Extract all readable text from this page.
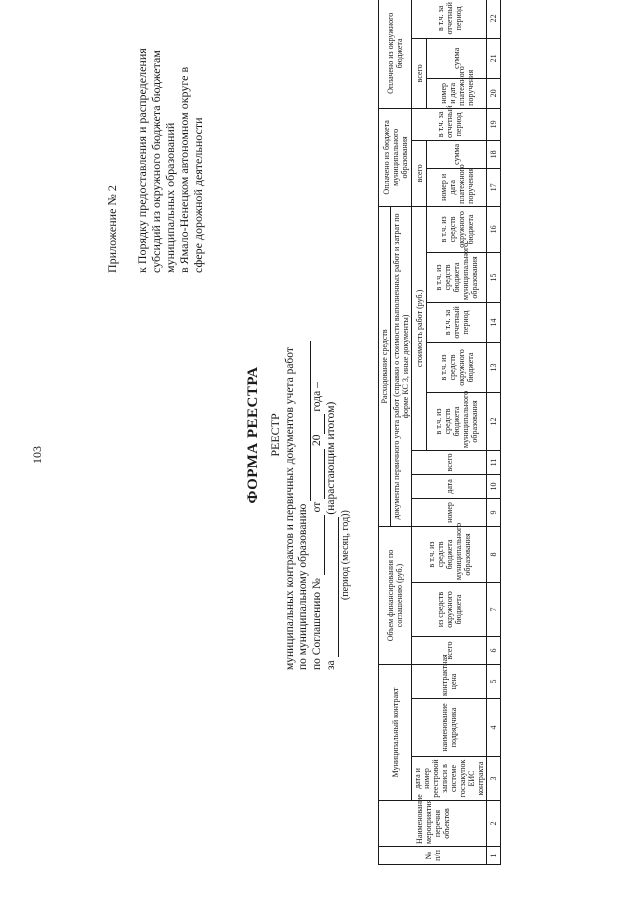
103
Приложение № 2 к Порядку предоставления и распределения субсидий из окружного бюджета бюджетам муниципальных образований в Ямало-Ненецком автономном округе в сфере дорожной деятельности
ФОРМА РЕЕСТРА РЕЕСТР муниципальных контрактов и первичных документов учета работ по муниципальному образованию по Соглашению №   от   20  года –
за   (нарастающим итогом)
(период (месяц, год))
№ п/п	Наименование мероприятия перечня объектов	Муниципальный контракт			Объем финансирования по соглашению (руб.)			Расходование средств								Оплачено из бюджета муниципального образования			Оплачено из окружного бюджета		
								документы первичного учета работ (справки о стоимости выполненных работ и затрат по форме КС 3, иные документы)													
		дата и номер реестровой записи в системе госзакупок ЕИС контракта	наименование подрядчика	контрактная цена	всего	из средств окружного бюджета	в т.ч. из средств бюджета муниципального образования	номер	дата	всего	стоимость работ (руб.)					всего		в т.ч. за отчетный период	всего		в т.ч. за отчетный период
											в т.ч. из средств бюджета муниципального образования	в т.ч. из средств окружного бюджета	в т.ч. за отчетный период	в т.ч. из средств бюджета муниципального образования	в т.ч. из средств окружного бюджета	номер и дата платежного поручения	сумма		номер и дата платежного поручения	сумма	
1	2	3	4	5	6	7	8	9	10	11	12	13	14	15	16	17	18	19	20	21	22
